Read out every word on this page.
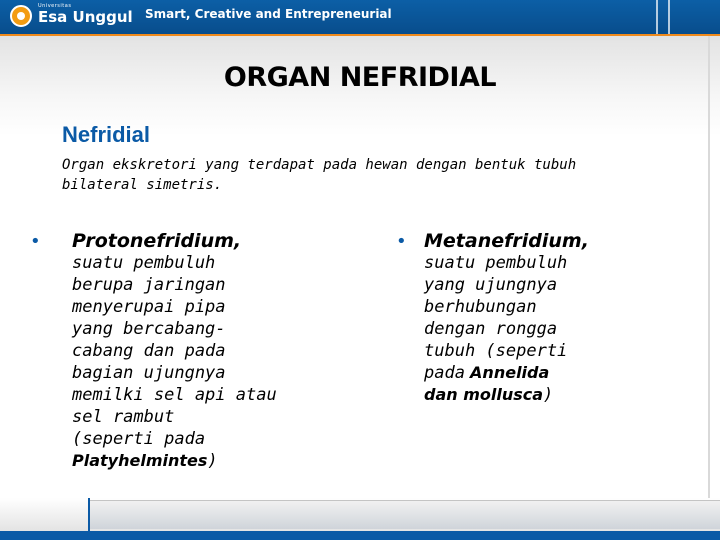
Universitas
Esa Unggul Smart, Creative and Entrepreneurial
ORGAN NEFRIDIAL
Nefridial
Organ ekskretori yang terdapat pada hewan dengan bentuk tubuh bilateral simetris.
• Protonefridium,
suatu pembuluh
berupa jaringan
menyerupai pipa
yang bercabang-
cabang dan pada
bagian ujungnya
memilki sel api atau
sel rambut
(seperti pada
Platyhelmintes)
• Metanefridium,
suatu pembuluh
yang ujungnya
berhubungan
dengan rongga
tubuh (seperti
pada Annelida
dan mollusca)
